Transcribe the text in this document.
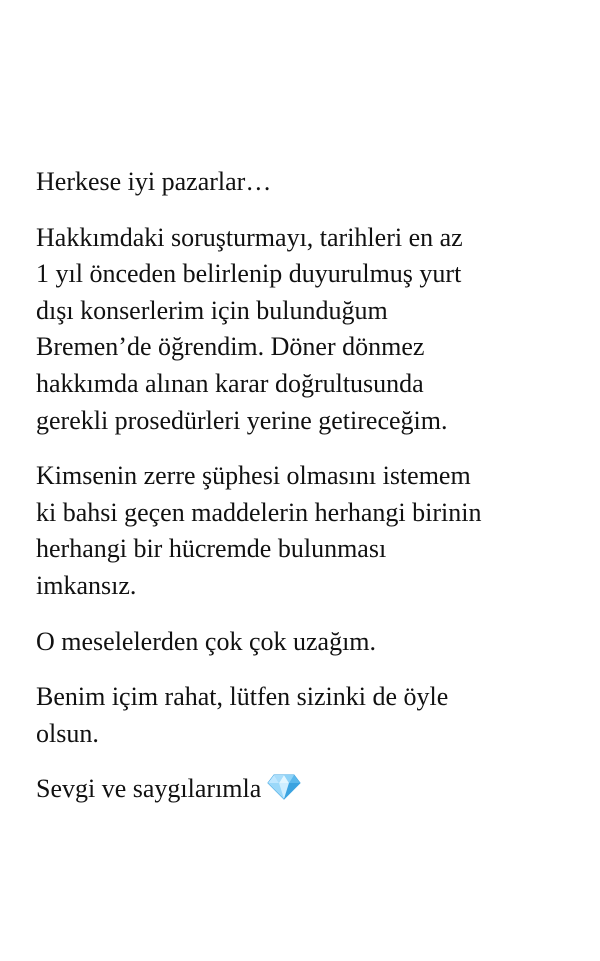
Herkese iyi pazarlar…

Hakkımdaki soruşturmayı, tarihleri en az
1 yıl önceden belirlenip duyurulmuş yurt
dışı konserlerim için bulunduğum
Bremen’de öğrendim. Döner dönmez
hakkımda alınan karar doğrultusunda
gerekli prosedürleri yerine getireceğim.

Kimsenin zerre şüphesi olmasını istemem
ki bahsi geçen maddelerin herhangi birinin
herhangi bir hücremde bulunması
imkansız.

O meselelerden çok çok uzağım.

Benim içim rahat, lütfen sizinki de öyle
olsun.

Sevgi ve saygılarımla
